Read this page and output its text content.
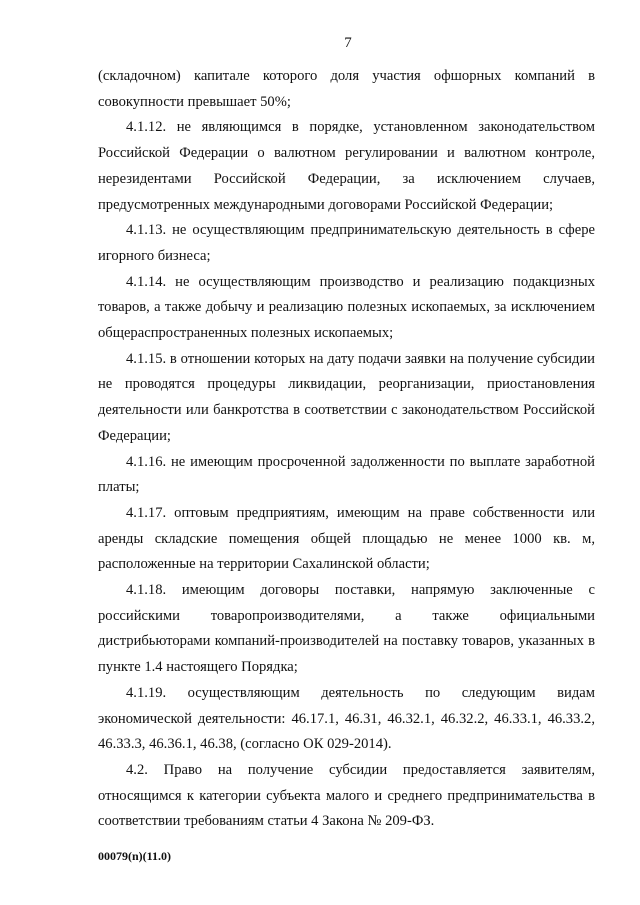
7

(складочном) капитале которого доля участия офшорных компаний в совокупности превышает 50%;

4.1.12. не являющимся в порядке, установленном законодательством Российской Федерации о валютном регулировании и валютном контроле, нерезидентами Российской Федерации, за исключением случаев, предусмотренных международными договорами Российской Федерации;

4.1.13. не осуществляющим предпринимательскую деятельность в сфере игорного бизнеса;

4.1.14. не осуществляющим производство и реализацию подакцизных товаров, а также добычу и реализацию полезных ископаемых, за исключением общераспространенных полезных ископаемых;

4.1.15. в отношении которых на дату подачи заявки на получение субсидии не проводятся процедуры ликвидации, реорганизации, приостановления деятельности или банкротства в соответствии с законодательством Российской Федерации;

4.1.16. не имеющим просроченной задолженности по выплате заработной платы;

4.1.17. оптовым предприятиям, имеющим на праве собственности или аренды складские помещения общей площадью не менее 1000 кв. м, расположенные на территории Сахалинской области;

4.1.18. имеющим договоры поставки, напрямую заключенные с российскими товаропроизводителями, а также официальными дистрибьюторами компаний-производителей на поставку товаров, указанных в пункте 1.4 настоящего Порядка;

4.1.19. осуществляющим деятельность по следующим видам экономической деятельности: 46.17.1, 46.31, 46.32.1, 46.32.2, 46.33.1, 46.33.2, 46.33.3, 46.36.1, 46.38, (согласно ОК 029-2014).

4.2. Право на получение субсидии предоставляется заявителям, относящимся к категории субъекта малого и среднего предпринимательства в соответствии требованиям статьи 4 Закона № 209-ФЗ.

00079(n)(11.0)
